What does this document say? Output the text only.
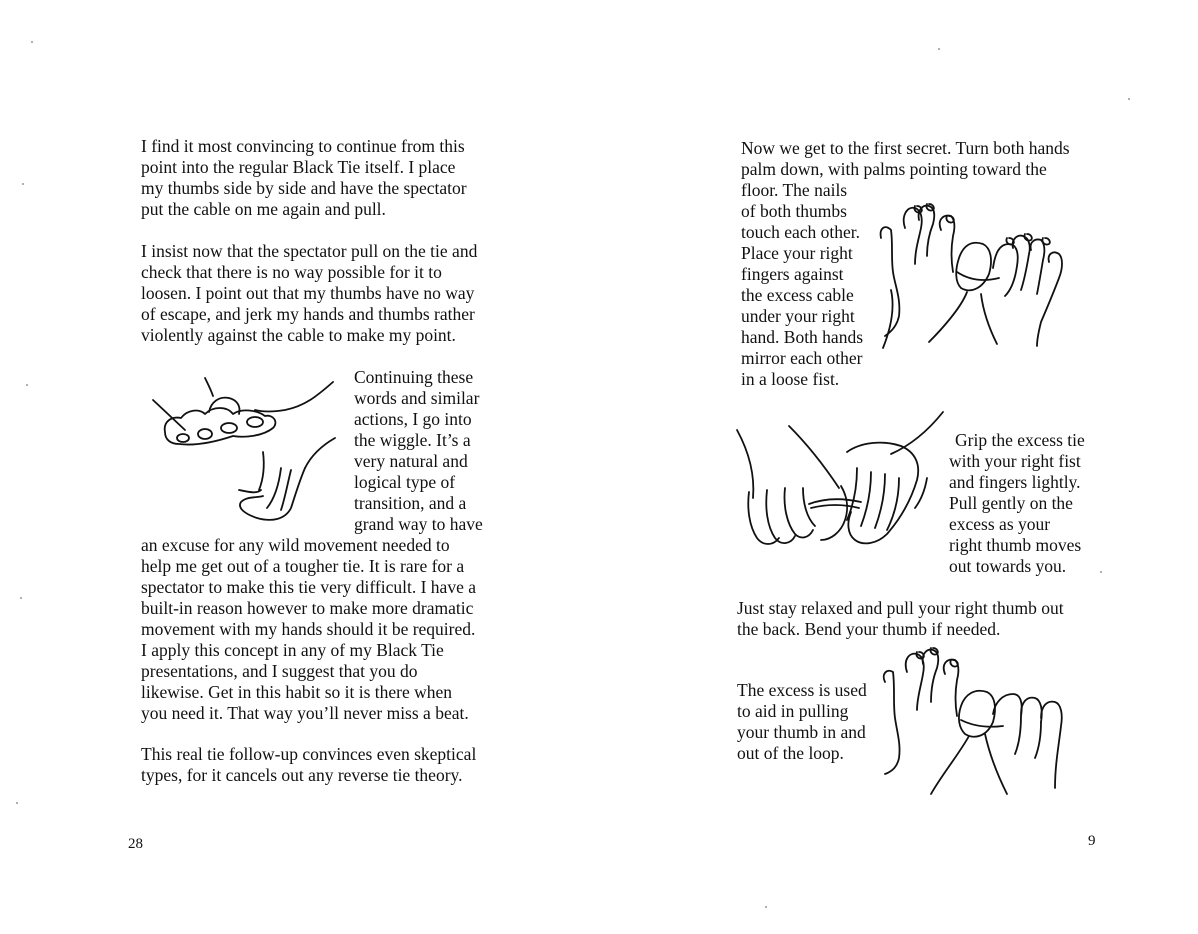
I find it most convincing to continue from this

point into the regular Black Tie itself. I place

my thumbs side by side and have the spectator

put the cable on me again and pull.

I insist now that the spectator pull on the tie and

check that there is no way possible for it to

loosen. I point out that my thumbs have no way

of escape, and jerk my hands and thumbs rather

violently against the cable to make my point.

Continuing these

words and similar

actions, I go into

the wiggle. It’s a

very natural and

logical type of

transition, and a

grand way to have

an excuse for any wild movement needed to

help me get out of a tougher tie. It is rare for a

spectator to make this tie very difficult. I have a

built-in reason however to make more dramatic

movement with my hands should it be required.

I apply this concept in any of my Black Tie

presentations, and I suggest that you do

likewise. Get in this habit so it is there when

you need it. That way you’ll never miss a beat.

This real tie follow-up convinces even skeptical

types, for it cancels out any reverse tie theory.

28

Now we get to the first secret. Turn both hands

palm down, with palms pointing toward the

floor. The nails

of both thumbs

touch each other.

Place your right

fingers against

the excess cable

under your right

hand. Both hands

mirror each other

in a loose fist.

Grip the excess tie

with your right fist

and fingers lightly.

Pull gently on the

excess as your

right thumb moves

out towards you.

Just stay relaxed and pull your right thumb out

the back. Bend your thumb if needed.

The excess is used

to aid in pulling

your thumb in and

out of the loop.

9
